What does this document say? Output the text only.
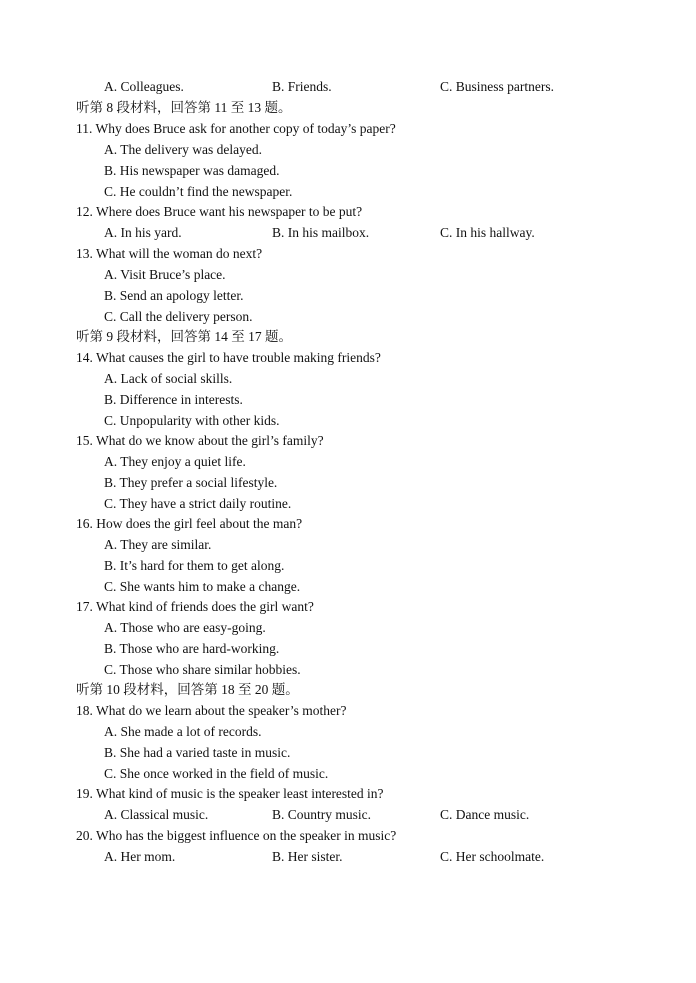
A. Colleagues.	B. Friends.	C. Business partners.
听第 8 段材料，回答第 11 至 13 题。
11. Why does Bruce ask for another copy of today’s paper?
A. The delivery was delayed.
B. His newspaper was damaged.
C. He couldn’t find the newspaper.
12. Where does Bruce want his newspaper to be put?
A. In his yard.	B. In his mailbox.	C. In his hallway.
13. What will the woman do next?
A. Visit Bruce’s place.
B. Send an apology letter.
C. Call the delivery person.
听第 9 段材料，回答第 14 至 17 题。
14. What causes the girl to have trouble making friends?
A. Lack of social skills.
B. Difference in interests.
C. Unpopularity with other kids.
15. What do we know about the girl’s family?
A. They enjoy a quiet life.
B. They prefer a social lifestyle.
C. They have a strict daily routine.
16. How does the girl feel about the man?
A. They are similar.
B. It’s hard for them to get along.
C. She wants him to make a change.
17. What kind of friends does the girl want?
A. Those who are easy-going.
B. Those who are hard-working.
C. Those who share similar hobbies.
听第 10 段材料，回答第 18 至 20 题。
18. What do we learn about the speaker’s mother?
A. She made a lot of records.
B. She had a varied taste in music.
C. She once worked in the field of music.
19. What kind of music is the speaker least interested in?
A. Classical music.	B. Country music.	C. Dance music.
20. Who has the biggest influence on the speaker in music?
A. Her mom.	B. Her sister.	C. Her schoolmate.
